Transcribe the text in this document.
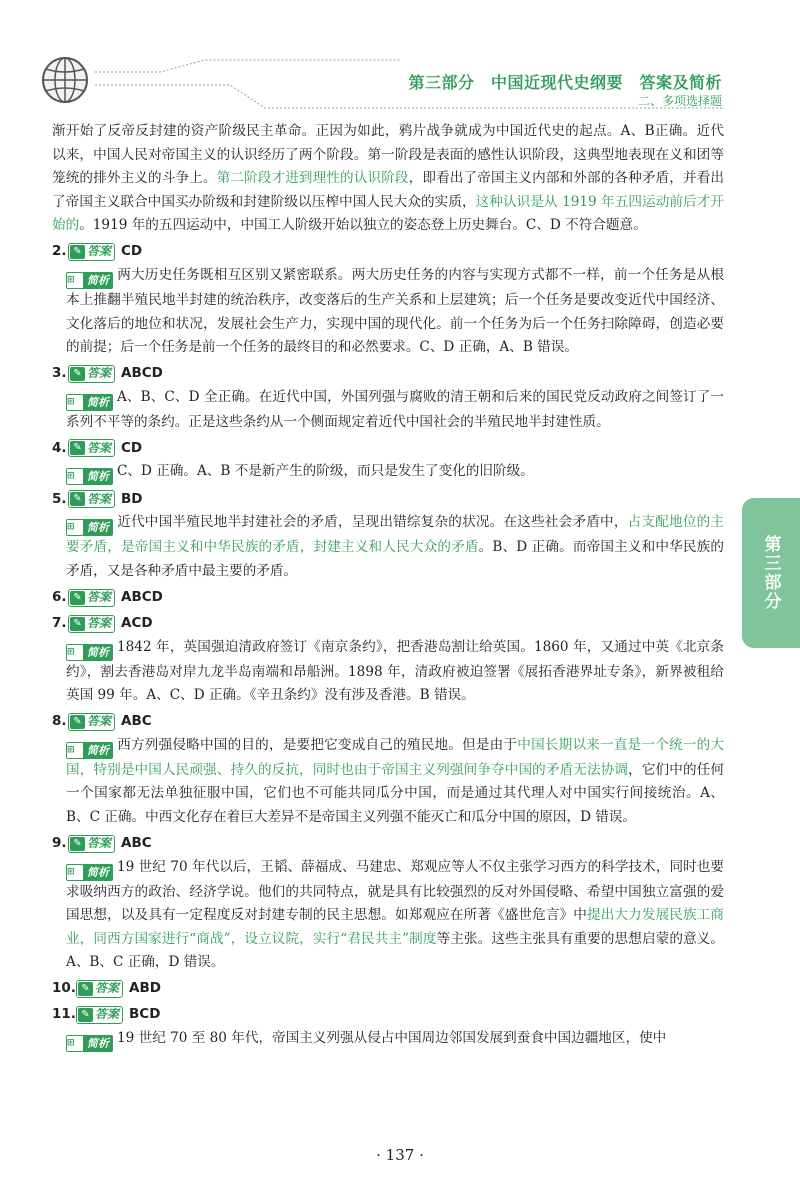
第三部分　中国近现代史纲要　答案及简析
二、多项选择题
第三部分

渐开始了反帝反封建的资产阶级民主革命。正因为如此，鸦片战争就成为中国近代史的起点。A、B正确。近代以来，中国人民对帝国主义的认识经历了两个阶段。第一阶段是表面的感性认识阶段，这典型地表现在义和团等笼统的排外主义的斗争上。第二阶段才进到理性的认识阶段，即看出了帝国主义内部和外部的各种矛盾，并看出了帝国主义联合中国买办阶级和封建阶级以压榨中国人民大众的实质，这种认识是从 1919 年五四运动前后才开始的。1919 年的五四运动中，中国工人阶级开始以独立的姿态登上历史舞台。C、D 不符合题意。

2. ✎ 答案 CD

⊞	简析 两大历史任务既相互区别又紧密联系。两大历史任务的内容与实现方式都不一样，前一个任务是从根本上推翻半殖民地半封建的统治秩序，改变落后的生产关系和上层建筑；后一个任务是要改变近代中国经济、文化落后的地位和状况，发展社会生产力，实现中国的现代化。前一个任务为后一个任务扫除障碍，创造必要的前提；后一个任务是前一个任务的最终目的和必然要求。C、D 正确，A、B 错误。

3. ✎ 答案 ABCD

⊞	简析 A、B、C、D 全正确。在近代中国，外国列强与腐败的清王朝和后来的国民党反动政府之间签订了一系列不平等的条约。正是这些条约从一个侧面规定着近代中国社会的半殖民地半封建性质。

4. ✎ 答案 CD

⊞	简析 C、D 正确。A、B 不是新产生的阶级，而只是发生了变化的旧阶级。

5. ✎ 答案 BD

⊞	简析 近代中国半殖民地半封建社会的矛盾，呈现出错综复杂的状况。在这些社会矛盾中，占支配地位的主要矛盾，是帝国主义和中华民族的矛盾，封建主义和人民大众的矛盾。B、D 正确。而帝国主义和中华民族的矛盾，又是各种矛盾中最主要的矛盾。

6. ✎ 答案 ABCD
7. ✎ 答案 ACD

⊞	简析 1842 年，英国强迫清政府签订《南京条约》，把香港岛割让给英国。1860 年，又通过中英《北京条约》，割去香港岛对岸九龙半岛南端和昂船洲。1898 年，清政府被迫签署《展拓香港界址专条》，新界被租给英国 99 年。A、C、D 正确。《辛丑条约》没有涉及香港。B 错误。

8. ✎ 答案 ABC

⊞	简析 西方列强侵略中国的目的，是要把它变成自己的殖民地。但是由于中国长期以来一直是一个统一的大国，特别是中国人民顽强、持久的反抗，同时也由于帝国主义列强间争夺中国的矛盾无法协调，它们中的任何一个国家都无法单独征服中国，它们也不可能共同瓜分中国，而是通过其代理人对中国实行间接统治。A、B、C 正确。中西文化存在着巨大差异不是帝国主义列强不能灭亡和瓜分中国的原因，D 错误。

9. ✎ 答案 ABC

⊞	简析 19 世纪 70 年代以后，王韬、薛福成、马建忠、郑观应等人不仅主张学习西方的科学技术，同时也要求吸纳西方的政治、经济学说。他们的共同特点，就是具有比较强烈的反对外国侵略、希望中国独立富强的爱国思想，以及具有一定程度反对封建专制的民主思想。如郑观应在所著《盛世危言》中提出大力发展民族工商业，同西方国家进行“商战”，设立议院，实行“君民共主”制度等主张。这些主张具有重要的思想启蒙的意义。A、B、C 正确，D 错误。

10. ✎ 答案 ABD
11. ✎ 答案 BCD

⊞	简析 19 世纪 70 至 80 年代，帝国主义列强从侵占中国周边邻国发展到蚕食中国边疆地区，使中

· 137 ·
